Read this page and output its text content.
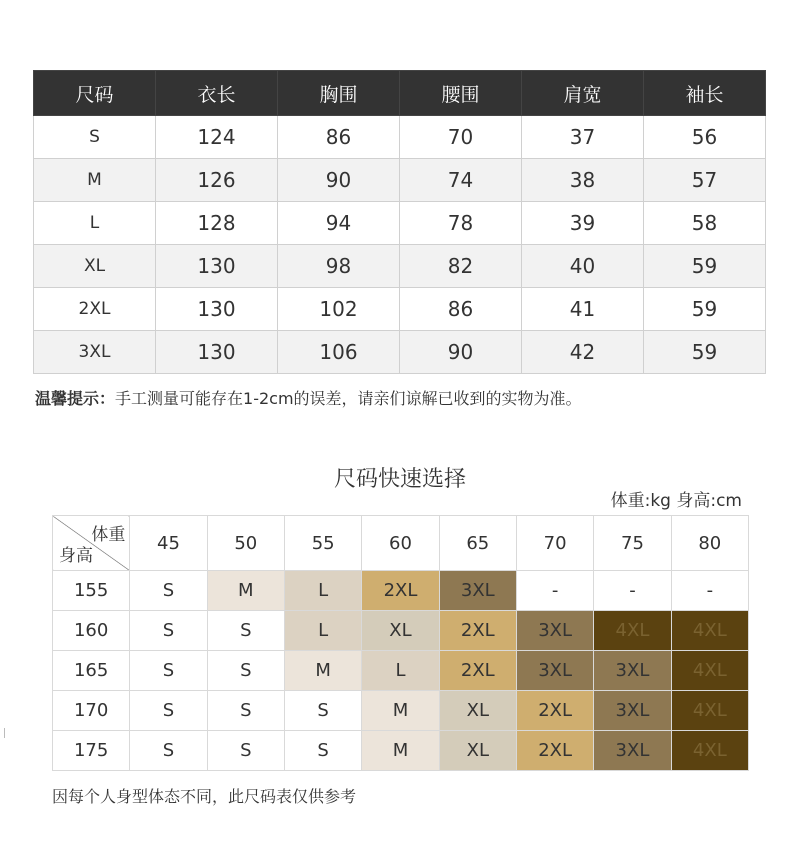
尺码	衣长	胸围	腰围	肩宽	袖长
S	124	86	70	37	56
M	126	90	74	38	57
L	128	94	78	39	58
XL	130	98	82	40	59
2XL	130	102	86	41	59
3XL	130	106	90	42	59
温馨提示：手工测量可能存在1-2cm的误差，请亲们谅解已收到的实物为准。
尺码快速选择
体重:kg 身高:cm
体重
身高	45	50	55	60	65	70	75	80
155	S	M	L	2XL	3XL	-	-	-
160	S	S	L	XL	2XL	3XL	4XL	4XL
165	S	S	M	L	2XL	3XL	3XL	4XL
170	S	S	S	M	XL	2XL	3XL	4XL
175	S	S	S	M	XL	2XL	3XL	4XL
因每个人身型体态不同，此尺码表仅供参考
